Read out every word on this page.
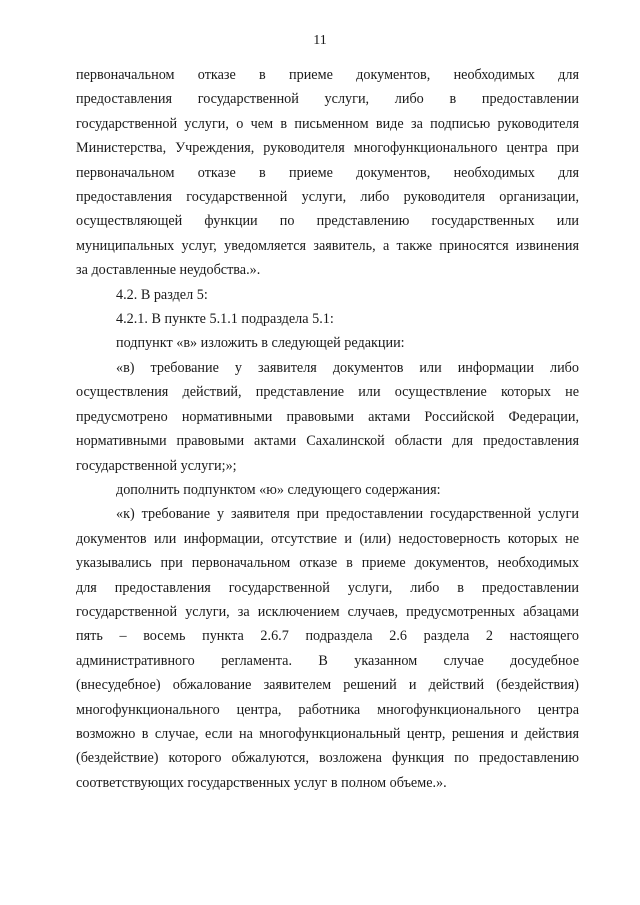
11

первоначальном отказе в приеме документов, необходимых для

предоставления государственной услуги, либо в предоставлении

государственной услуги, о чем в письменном виде за подписью руководителя

Министерства, Учреждения, руководителя многофункционального центра при

первоначальном отказе в приеме документов, необходимых для

предоставления государственной услуги, либо руководителя организации,

осуществляющей функции по представлению государственных или

муниципальных услуг, уведомляется заявитель, а также приносятся извинения

за доставленные неудобства.».

4.2. В раздел 5:

4.2.1. В пункте 5.1.1 подраздела 5.1:

подпункт «в» изложить в следующей редакции:

«в) требование у заявителя документов или информации либо

осуществления действий, представление или осуществление которых не

предусмотрено нормативными правовыми актами Российской Федерации,

нормативными правовыми актами Сахалинской области для предоставления

государственной услуги;»;

дополнить подпунктом «ю» следующего содержания:

«к) требование у заявителя при предоставлении государственной услуги

документов или информации, отсутствие и (или) недостоверность которых не

указывались при первоначальном отказе в приеме документов, необходимых

для предоставления государственной услуги, либо в предоставлении

государственной услуги, за исключением случаев, предусмотренных абзацами

пять – восемь пункта 2.6.7 подраздела 2.6 раздела 2 настоящего

административного регламента. В указанном случае досудебное

(внесудебное) обжалование заявителем решений и действий (бездействия)

многофункционального центра, работника многофункционального центра

возможно в случае, если на многофункциональный центр, решения и действия

(бездействие) которого обжалуются, возложена функция по предоставлению

соответствующих государственных услуг в полном объеме.».
